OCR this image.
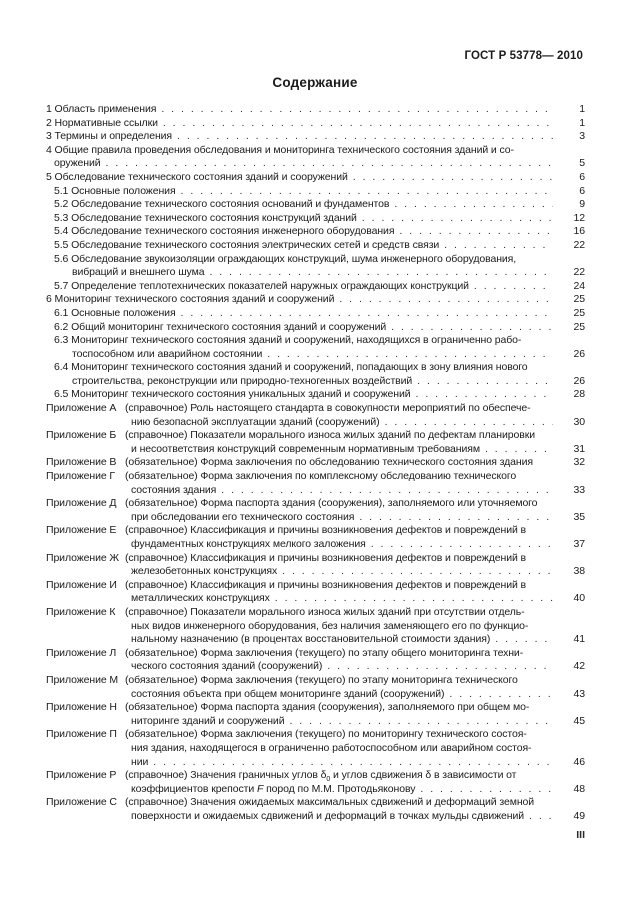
ГОСТ Р 53778— 2010
Содержание
1 Область применения . . .	1
2 Нормативные ссылки . . .	1
3 Термины и определения . . .	3
4 Общие правила проведения обследования и мониторинга технического состояния зданий и со-
оружений . . .	5
5 Обследование технического состояния зданий и сооружений . . .	6
5.1 Основные положения . . .	6
5.2 Обследование технического состояния оснований и фундаментов . . .	9
5.3 Обследование технического состояния конструкций зданий . . .	12
5.4 Обследование технического состояния инженерного оборудования . . .	16
5.5 Обследование технического состояния электрических сетей и средств связи . . .	22
5.6 Обследование звукоизоляции ограждающих конструкций, шума инженерного оборудования,
вибраций и внешнего шума . . .	22
5.7 Определение теплотехнических показателей наружных ограждающих конструкций . . .	24
6 Мониторинг технического состояния зданий и сооружений . . .	25
6.1 Основные положения . . .	25
6.2 Общий мониторинг технического состояния зданий и сооружений . . .	25
6.3 Мониторинг технического состояния зданий и сооружений, находящихся в ограниченно рабо-
тоспособном или аварийном состоянии . . .	26
6.4 Мониторинг технического состояния зданий и сооружений, попадающих в зону влияния нового
строительства, реконструкции или природно-техногенных воздействий . . .	26
6.5 Мониторинг технического состояния уникальных зданий и сооружений . . .	28
Приложение А (справочное) Роль настоящего стандарта в совокупности мероприятий по обеспече-
нию безопасной эксплуатации зданий (сооружений) . . .	30
Приложение Б (справочное) Показатели морального износа жилых зданий по дефектам планировки
и несоответствия конструкций современным нормативным требованиям . . .	31
Приложение В (обязательное) Форма заключения по обследованию технического состояния здания	32
Приложение Г (обязательное) Форма заключения по комплексному обследованию технического
состояния здания . . .	33
Приложение Д (обязательное) Форма паспорта здания (сооружения), заполняемого или уточняемого
при обследовании его технического состояния . . .	35
Приложение Е (справочное) Классификация и причины возникновения дефектов и повреждений в
фундаментных конструкциях мелкого заложения . . .	37
Приложение Ж (справочное) Классификация и причины возникновения дефектов и повреждений в
железобетонных конструкциях . . .	38
Приложение И (справочное) Классификация и причины возникновения дефектов и повреждений в
металлических конструкциях . . .	40
Приложение К (справочное) Показатели морального износа жилых зданий при отсутствии отдель-
ных видов инженерного оборудования, без наличия заменяющего его по функцио-
нальному назначению (в процентах восстановительной стоимости здания) . . .	41
Приложение Л (обязательное) Форма заключения (текущего) по этапу общего мониторинга техни-
ческого состояния зданий (сооружений) . . .	42
Приложение М (обязательное) Форма заключения (текущего) по этапу мониторинга технического
состояния объекта при общем мониторинге зданий (сооружений) . . .	43
Приложение Н (обязательное) Форма паспорта здания (сооружения), заполняемого при общем мо-
ниторинге зданий и сооружений . . .	45
Приложение П (обязательное) Форма заключения (текущего) по мониторингу технического состоя-
ния здания, находящегося в ограниченно работоспособном или аварийном состоя-
нии . . .	46
Приложение Р (справочное) Значения граничных углов $\delta_0$ и углов сдвижения δ в зависимости от
коэффициентов крепости F пород по М.М. Протодьяконову . . .	48
Приложение С (справочное) Значения ожидаемых максимальных сдвижений и деформаций земной
поверхности и ожидаемых сдвижений и деформаций в точках мульды сдвижений . . .	49
III
